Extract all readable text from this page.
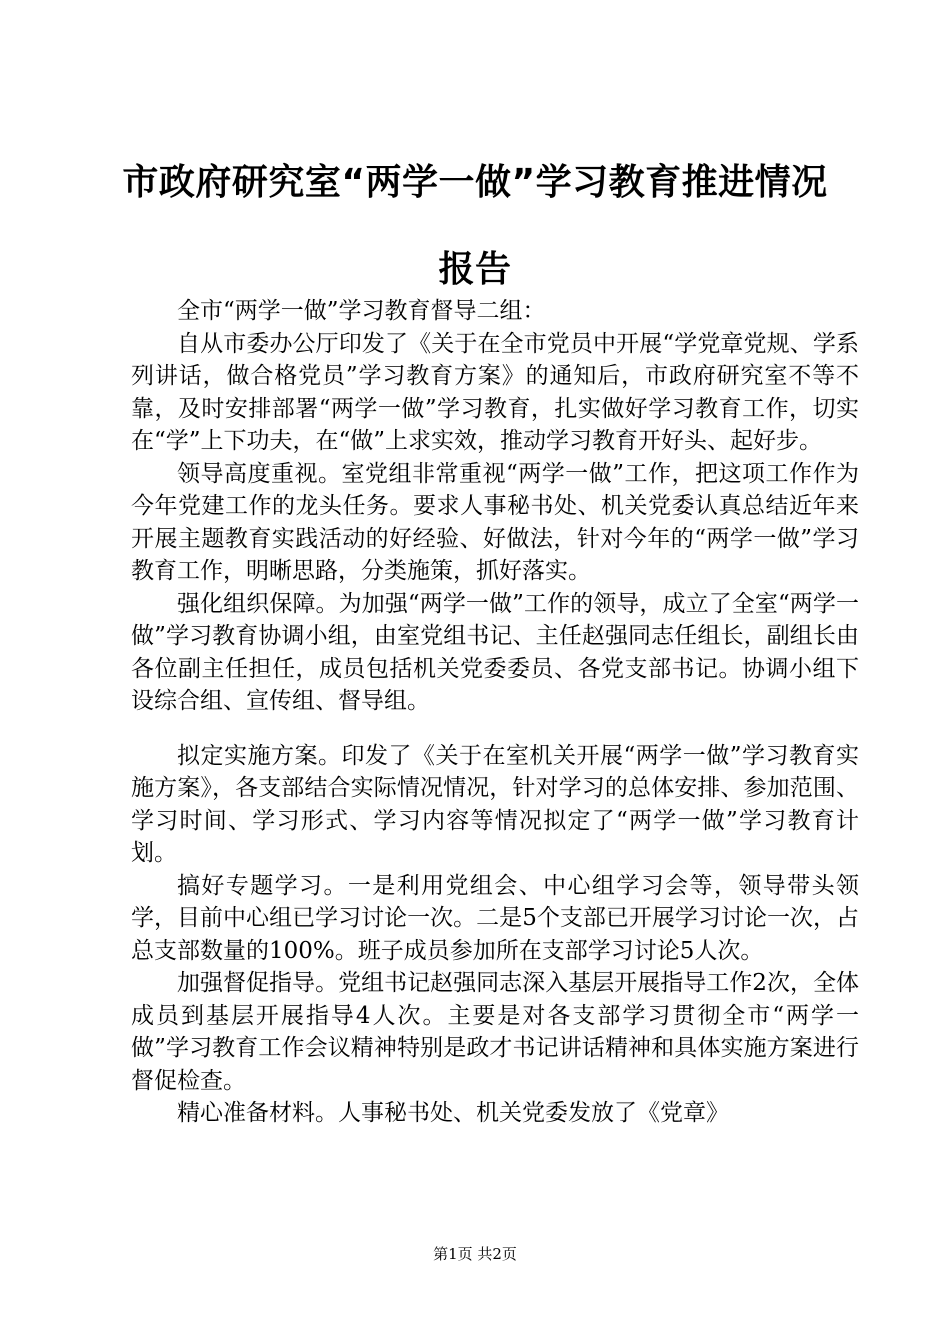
市政府研究室“两学一做”学习教育推进情况
报告

全市“两学一做”学习教育督导二组：

自从市委办公厅印发了《关于在全市党员中开展“学党章党规、学系列讲话，做合格党员”学习教育方案》的通知后，市政府研究室不等不靠，及时安排部署“两学一做”学习教育，扎实做好学习教育工作，切实在“学”上下功夫，在“做”上求实效，推动学习教育开好头、起好步。

领导高度重视。室党组非常重视“两学一做”工作，把这项工作作为今年党建工作的龙头任务。要求人事秘书处、机关党委认真总结近年来开展主题教育实践活动的好经验、好做法，针对今年的“两学一做”学习教育工作，明晰思路，分类施策，抓好落实。

强化组织保障。为加强“两学一做”工作的领导，成立了全室“两学一做”学习教育协调小组，由室党组书记、主任赵强同志任组长，副组长由各位副主任担任，成员包括机关党委委员、各党支部书记。协调小组下设综合组、宣传组、督导组。

拟定实施方案。印发了《关于在室机关开展“两学一做”学习教育实施方案》，各支部结合实际情况情况，针对学习的总体安排、参加范围、学习时间、学习形式、学习内容等情况拟定了“两学一做”学习教育计划。

搞好专题学习。一是利用党组会、中心组学习会等，领导带头领学，目前中心组已学习讨论一次。二是5个支部已开展学习讨论一次，占总支部数量的100%。班子成员参加所在支部学习讨论5人次。

加强督促指导。党组书记赵强同志深入基层开展指导工作2次，全体成员到基层开展指导4人次。主要是对各支部学习贯彻全市“两学一做”学习教育工作会议精神特别是政才书记讲话精神和具体实施方案进行督促检查。

精心准备材料。人事秘书处、机关党委发放了《党章》

第1页 共2页
